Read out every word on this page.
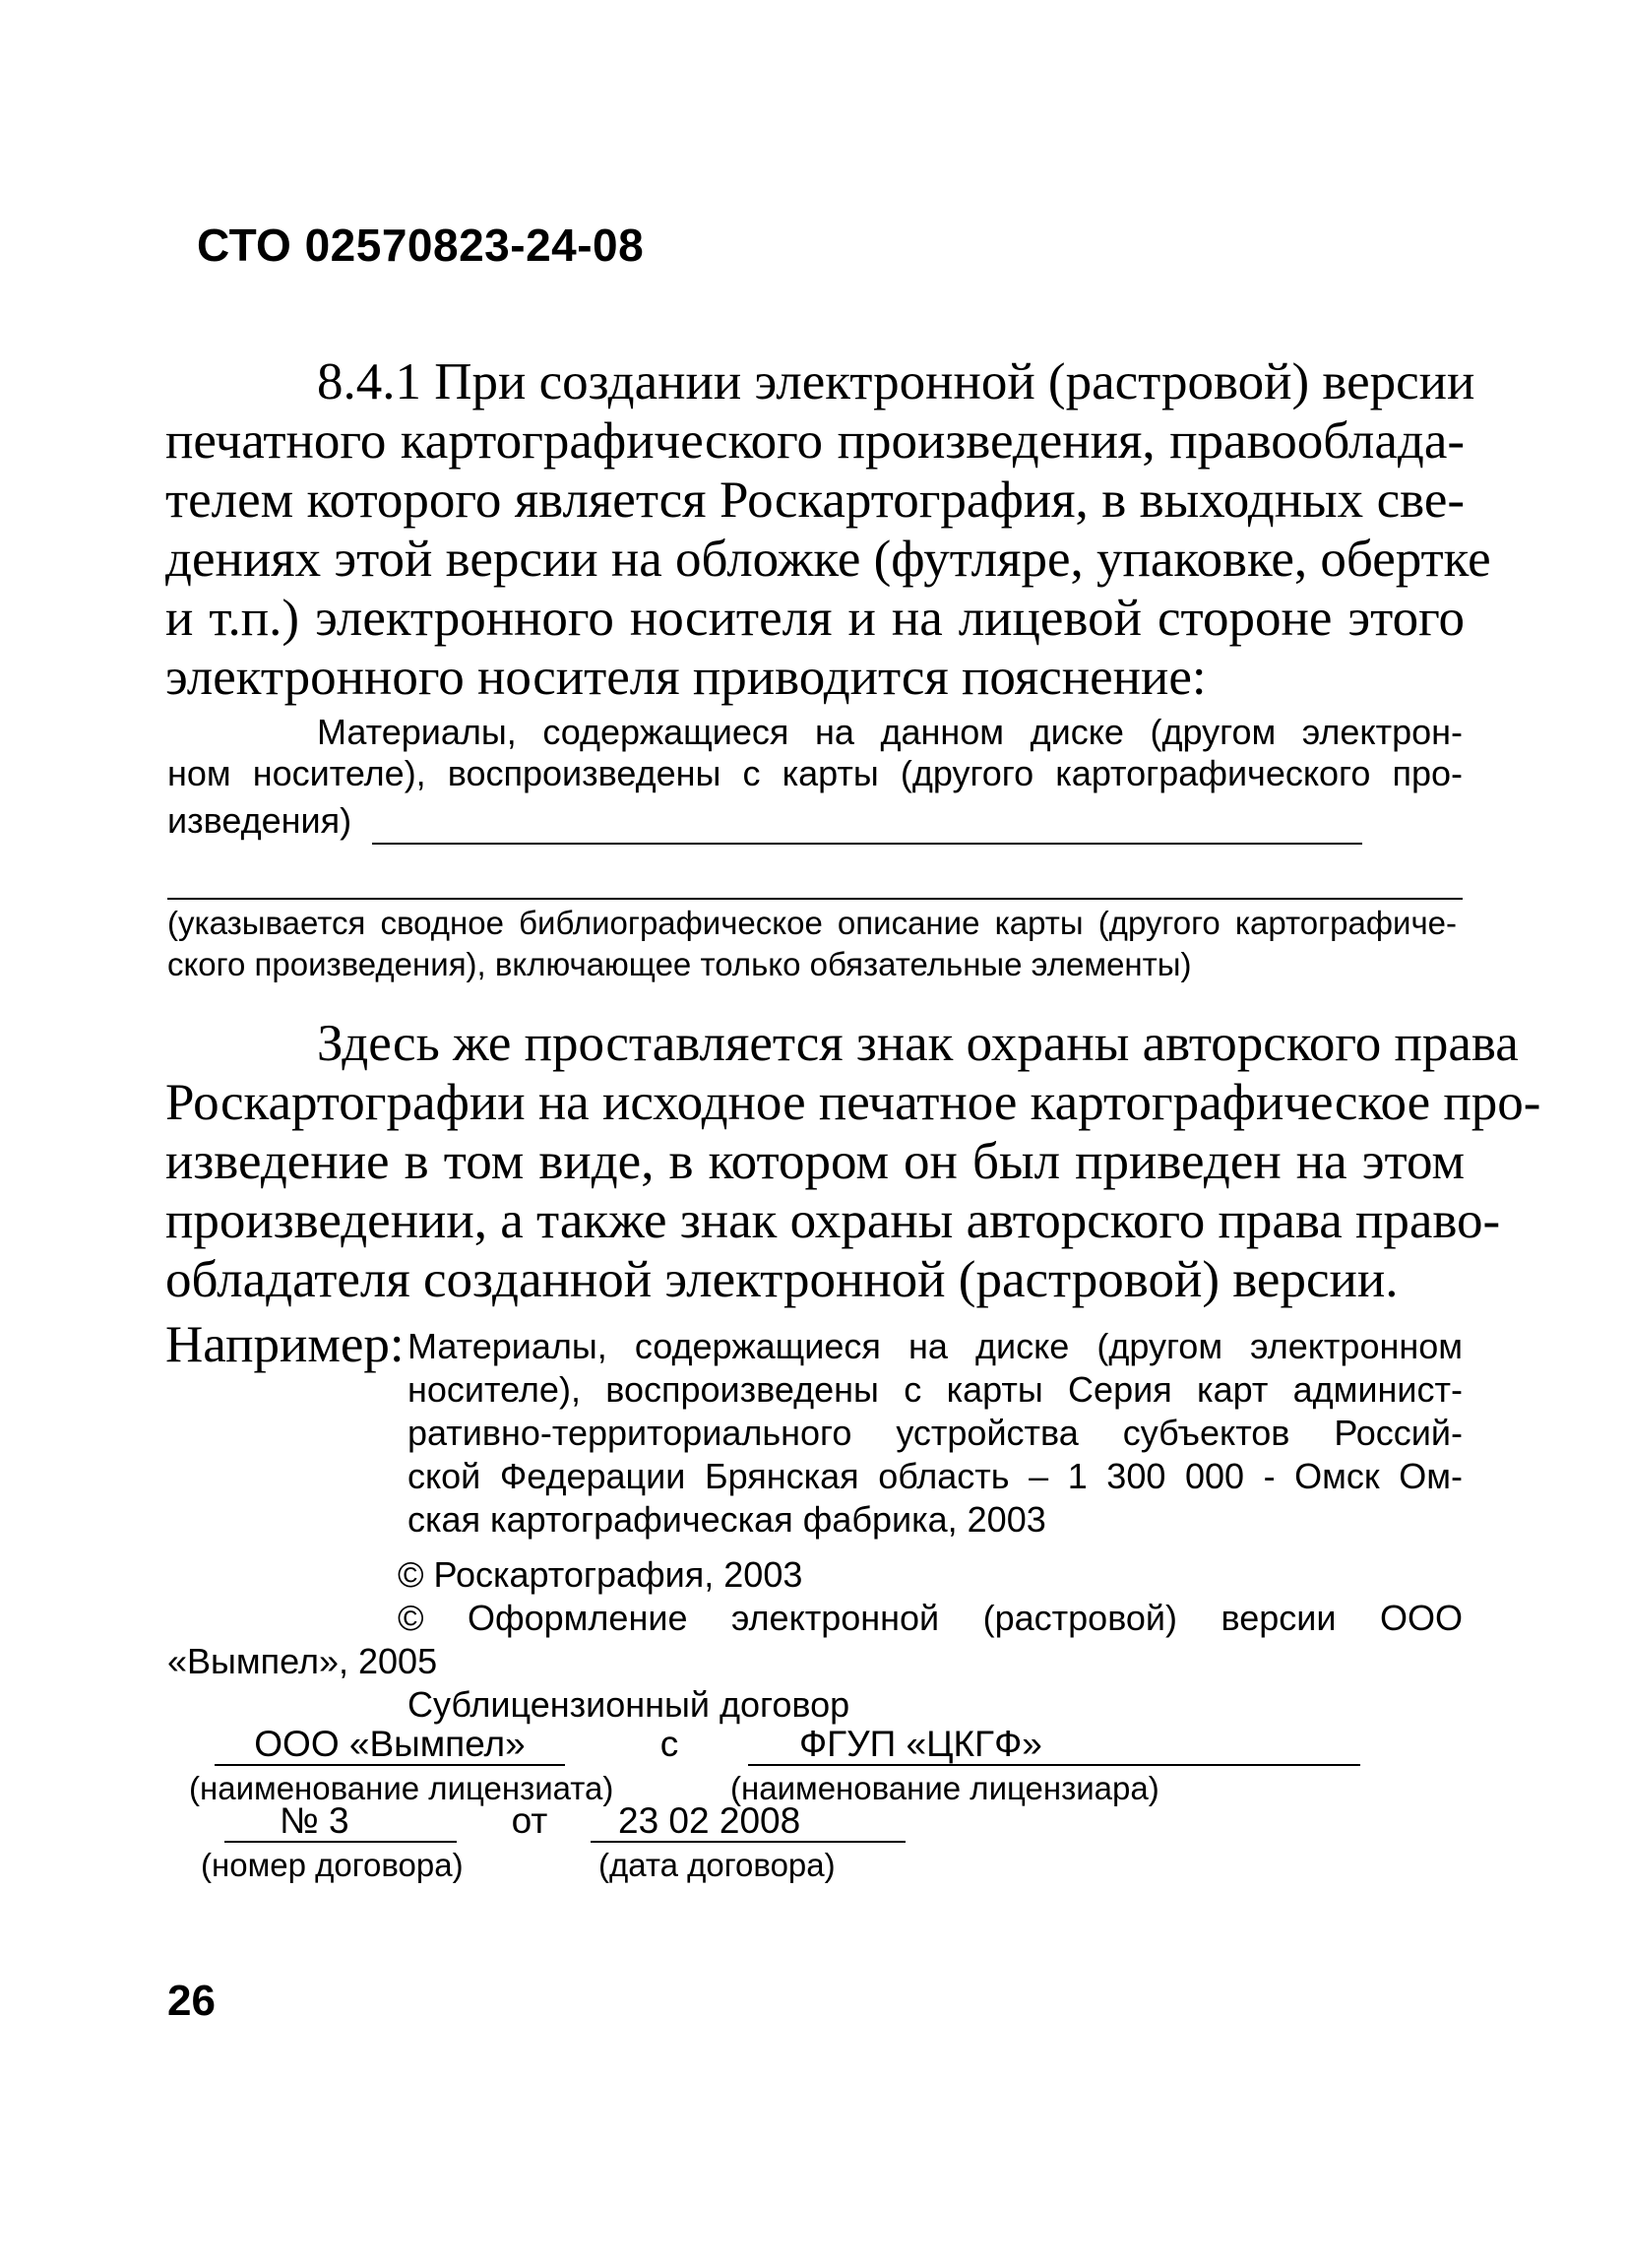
СТО 02570823-24-08
8.4.1 При создании электронной (растровой) версии
печатного картографического произведения, правооблада-
телем которого является Роскартография, в выходных све-
дениях этой версии на обложке (футляре, упаковке, обертке
и т.п.) электронного носителя и на лицевой стороне этого
электронного носителя приводится пояснение:
Материалы, содержащиеся на данном диске (другом электрон-
ном носителе), воспроизведены с карты (другого картографического про-
изведения)
(указывается сводное библиографическое описание карты (другого картографиче-
ского произведения), включающее только обязательные элементы)
Здесь же проставляется знак охраны авторского права
Роскартографии на исходное печатное картографическое про-
изведение в том виде, в котором он был приведен на этом
произведении, а также знак охраны авторского права право-
обладателя созданной электронной (растровой) версии.
Например: Материалы, содержащиеся на диске (другом электронном
носителе), воспроизведены с карты Серия карт админист-
ративно-территориального устройства субъектов Россий-
ской Федерации Брянская область – 1 300 000 - Омск Ом-
ская картографическая фабрика, 2003
© Роскартография, 2003
© Оформление электронной (растровой) версии ООО
«Вымпел», 2005
Сублицензионный договор
ООО «Вымпел»	с	ФГУП «ЦКГФ»
(наименование лицензиата)	(наименование лицензиара)
№ 3	от	23 02 2008
(номер договора)	(дата договора)
26
